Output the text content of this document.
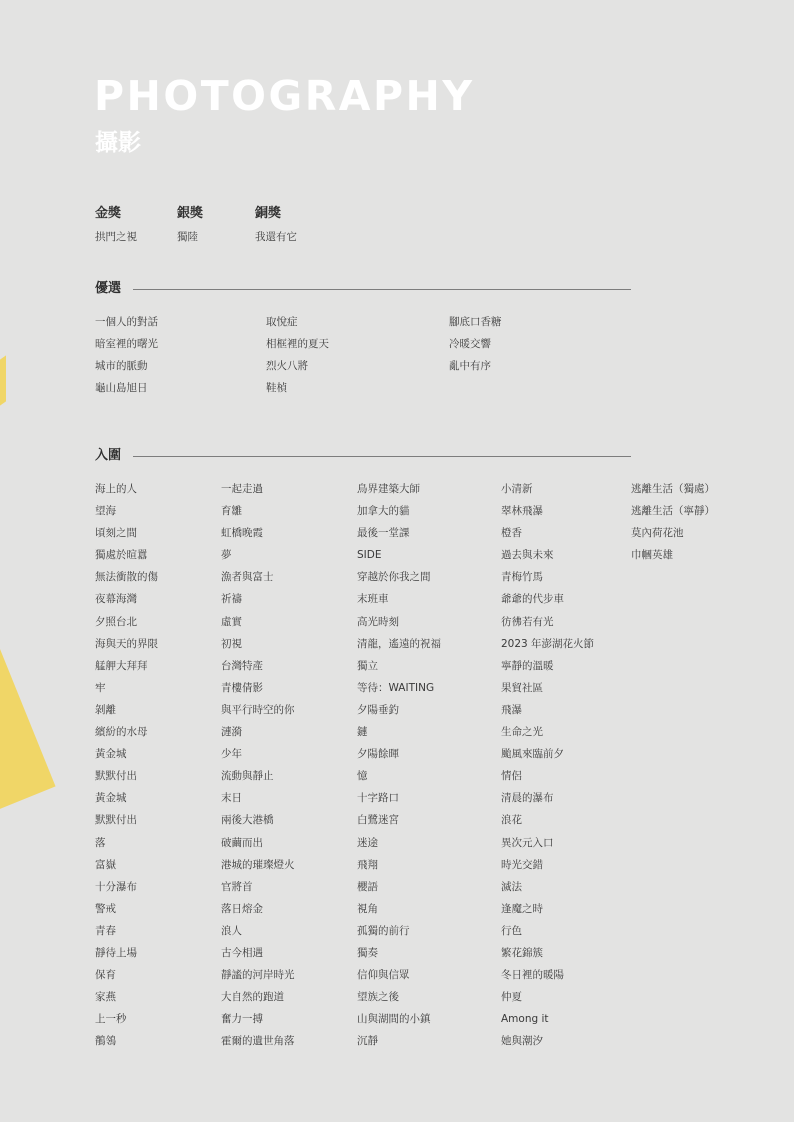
PHOTOGRAPHY
攝影
金獎
拱門之視
銀獎
獨陸
銅獎
我還有它
優選
一個人的對話
暗室裡的曙光
城市的脈動
龜山島旭日
取悅症
相框裡的夏天
烈火八將
鞋楨
腳底口香糖
冷暖交響
亂中有序
入圍
海上的人
望海
頃刻之間
獨處於暄囂
無法衝散的傷
夜幕海灣
夕照台北
海與天的界限
艋舺大拜拜
牢
剝離
繽紛的水母
黃金城
默默付出
黃金城
默默付出
落
富嶽
十分瀑布
警戒
青春
靜待上場
保育
家燕
上一秒
鶺鴒
一起走過
育雛
虹橋晚霞
夢
漁者與富士
祈禱
虛實
初視
台灣特產
青樓倩影
與平行時空的你
漣漪
少年
流動與靜止
末日
兩後大港橋
破繭而出
港城的璀璨燈火
官將首
落日熔金
浪人
古今相遇
靜謐的河岸時光
大自然的跑道
奮力一搏
霍爾的遺世角落
鳥界建築大師
加拿大的貓
最後一堂課
SIDE
穿越於你我之間
末班車
高光時刻
清龍，遙遠的祝福
獨立
等待：WAITING
夕陽垂釣
鏈
夕陽餘暉
憶
十字路口
白鷺迷宮
迷途
飛翔
櫻語
視角
孤獨的前行
獨奏
信仰與信眾
望族之後
山與湖間的小鎮
沉靜
小清新
翠林飛瀑
橙香
過去與未來
青梅竹馬
爺爺的代步車
彷彿若有光
2023 年澎湖花火節
寧靜的溫暖
果貿社區
飛瀑
生命之光
颱風來臨前夕
情侶
清晨的瀑布
浪花
異次元入口
時光交錯
滅法
逢魔之時
行色
繁花錦簇
冬日裡的暖陽
仲夏
Among it
她與潮汐
逃離生活（獨處）
逃離生活（寧靜）
莫內荷花池
巾幗英雄
